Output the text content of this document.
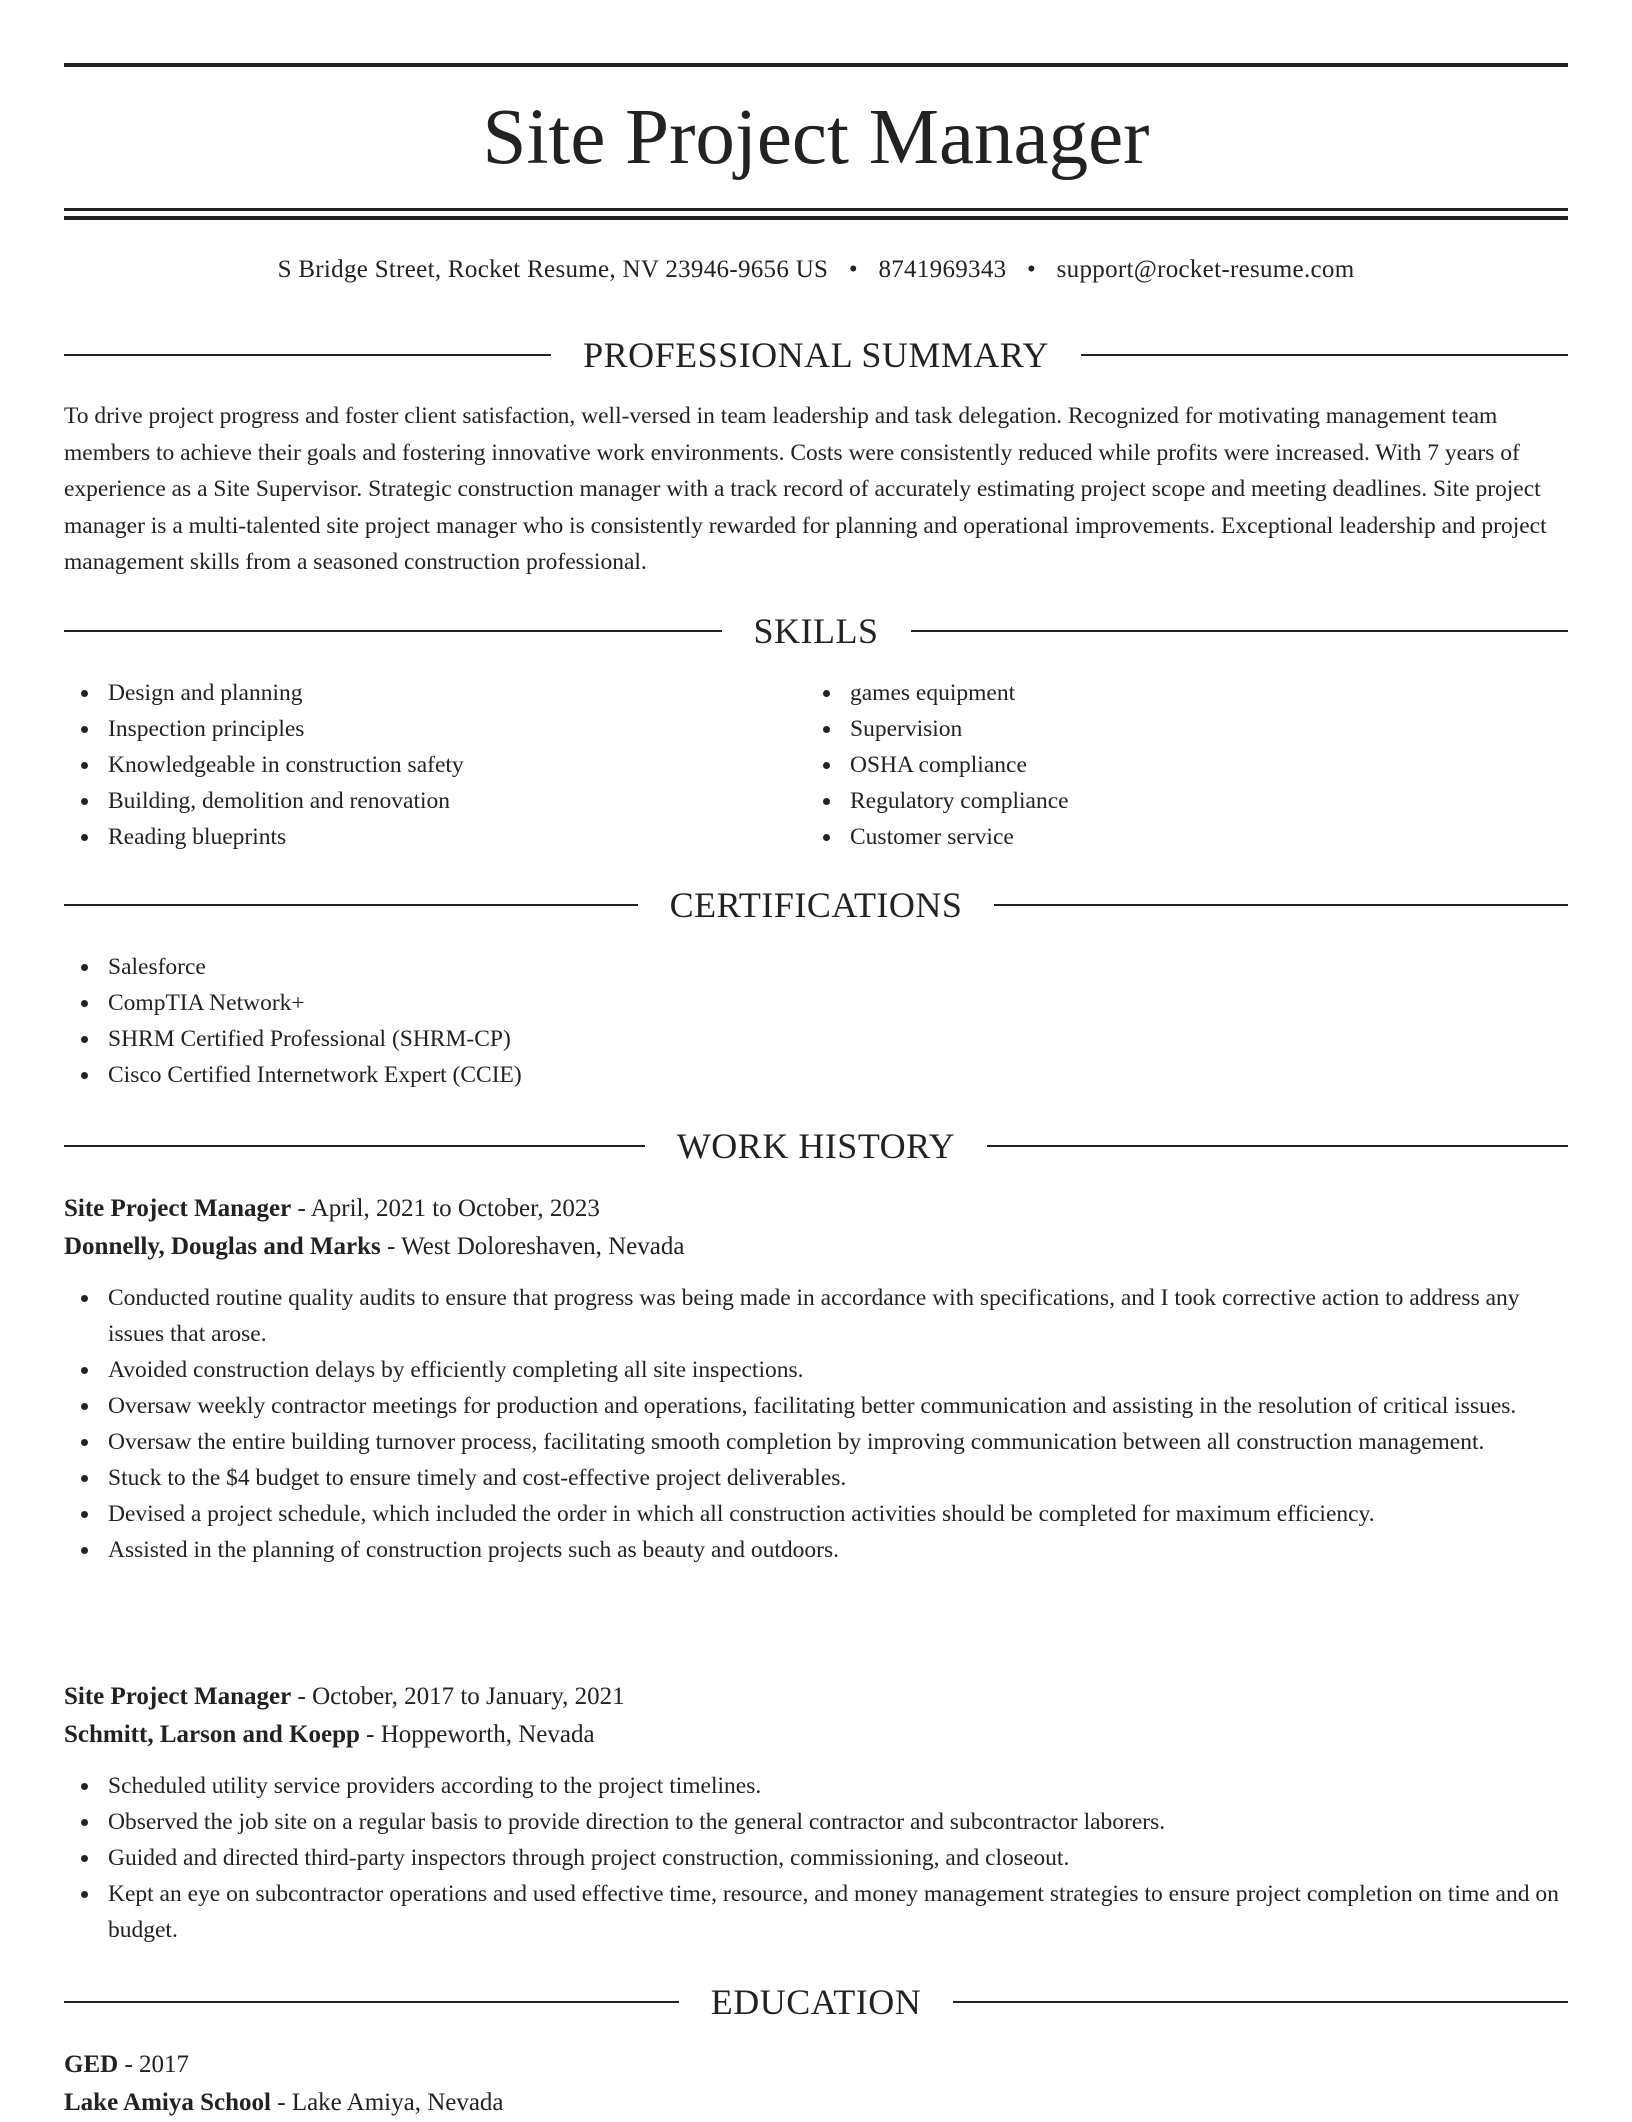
Site Project Manager
S Bridge Street, Rocket Resume, NV 23946-9656 US • 8741969343 • support@rocket-resume.com
PROFESSIONAL SUMMARY
To drive project progress and foster client satisfaction, well-versed in team leadership and task delegation. Recognized for motivating management team members to achieve their goals and fostering innovative work environments. Costs were consistently reduced while profits were increased. With 7 years of experience as a Site Supervisor. Strategic construction manager with a track record of accurately estimating project scope and meeting deadlines. Site project manager is a multi-talented site project manager who is consistently rewarded for planning and operational improvements. Exceptional leadership and project management skills from a seasoned construction professional.
SKILLS
Design and planning
Inspection principles
Knowledgeable in construction safety
Building, demolition and renovation
Reading blueprints
games equipment
Supervision
OSHA compliance
Regulatory compliance
Customer service
CERTIFICATIONS
Salesforce
CompTIA Network+
SHRM Certified Professional (SHRM-CP)
Cisco Certified Internetwork Expert (CCIE)
WORK HISTORY
Site Project Manager - April, 2021 to October, 2023
Donnelly, Douglas and Marks - West Doloreshaven, Nevada
Conducted routine quality audits to ensure that progress was being made in accordance with specifications, and I took corrective action to address any issues that arose.
Avoided construction delays by efficiently completing all site inspections.
Oversaw weekly contractor meetings for production and operations, facilitating better communication and assisting in the resolution of critical issues.
Oversaw the entire building turnover process, facilitating smooth completion by improving communication between all construction management.
Stuck to the $4 budget to ensure timely and cost-effective project deliverables.
Devised a project schedule, which included the order in which all construction activities should be completed for maximum efficiency.
Assisted in the planning of construction projects such as beauty and outdoors.
Site Project Manager - October, 2017 to January, 2021
Schmitt, Larson and Koepp - Hoppeworth, Nevada
Scheduled utility service providers according to the project timelines.
Observed the job site on a regular basis to provide direction to the general contractor and subcontractor laborers.
Guided and directed third-party inspectors through project construction, commissioning, and closeout.
Kept an eye on subcontractor operations and used effective time, resource, and money management strategies to ensure project completion on time and on budget.
EDUCATION
GED - 2017
Lake Amiya School - Lake Amiya, Nevada
